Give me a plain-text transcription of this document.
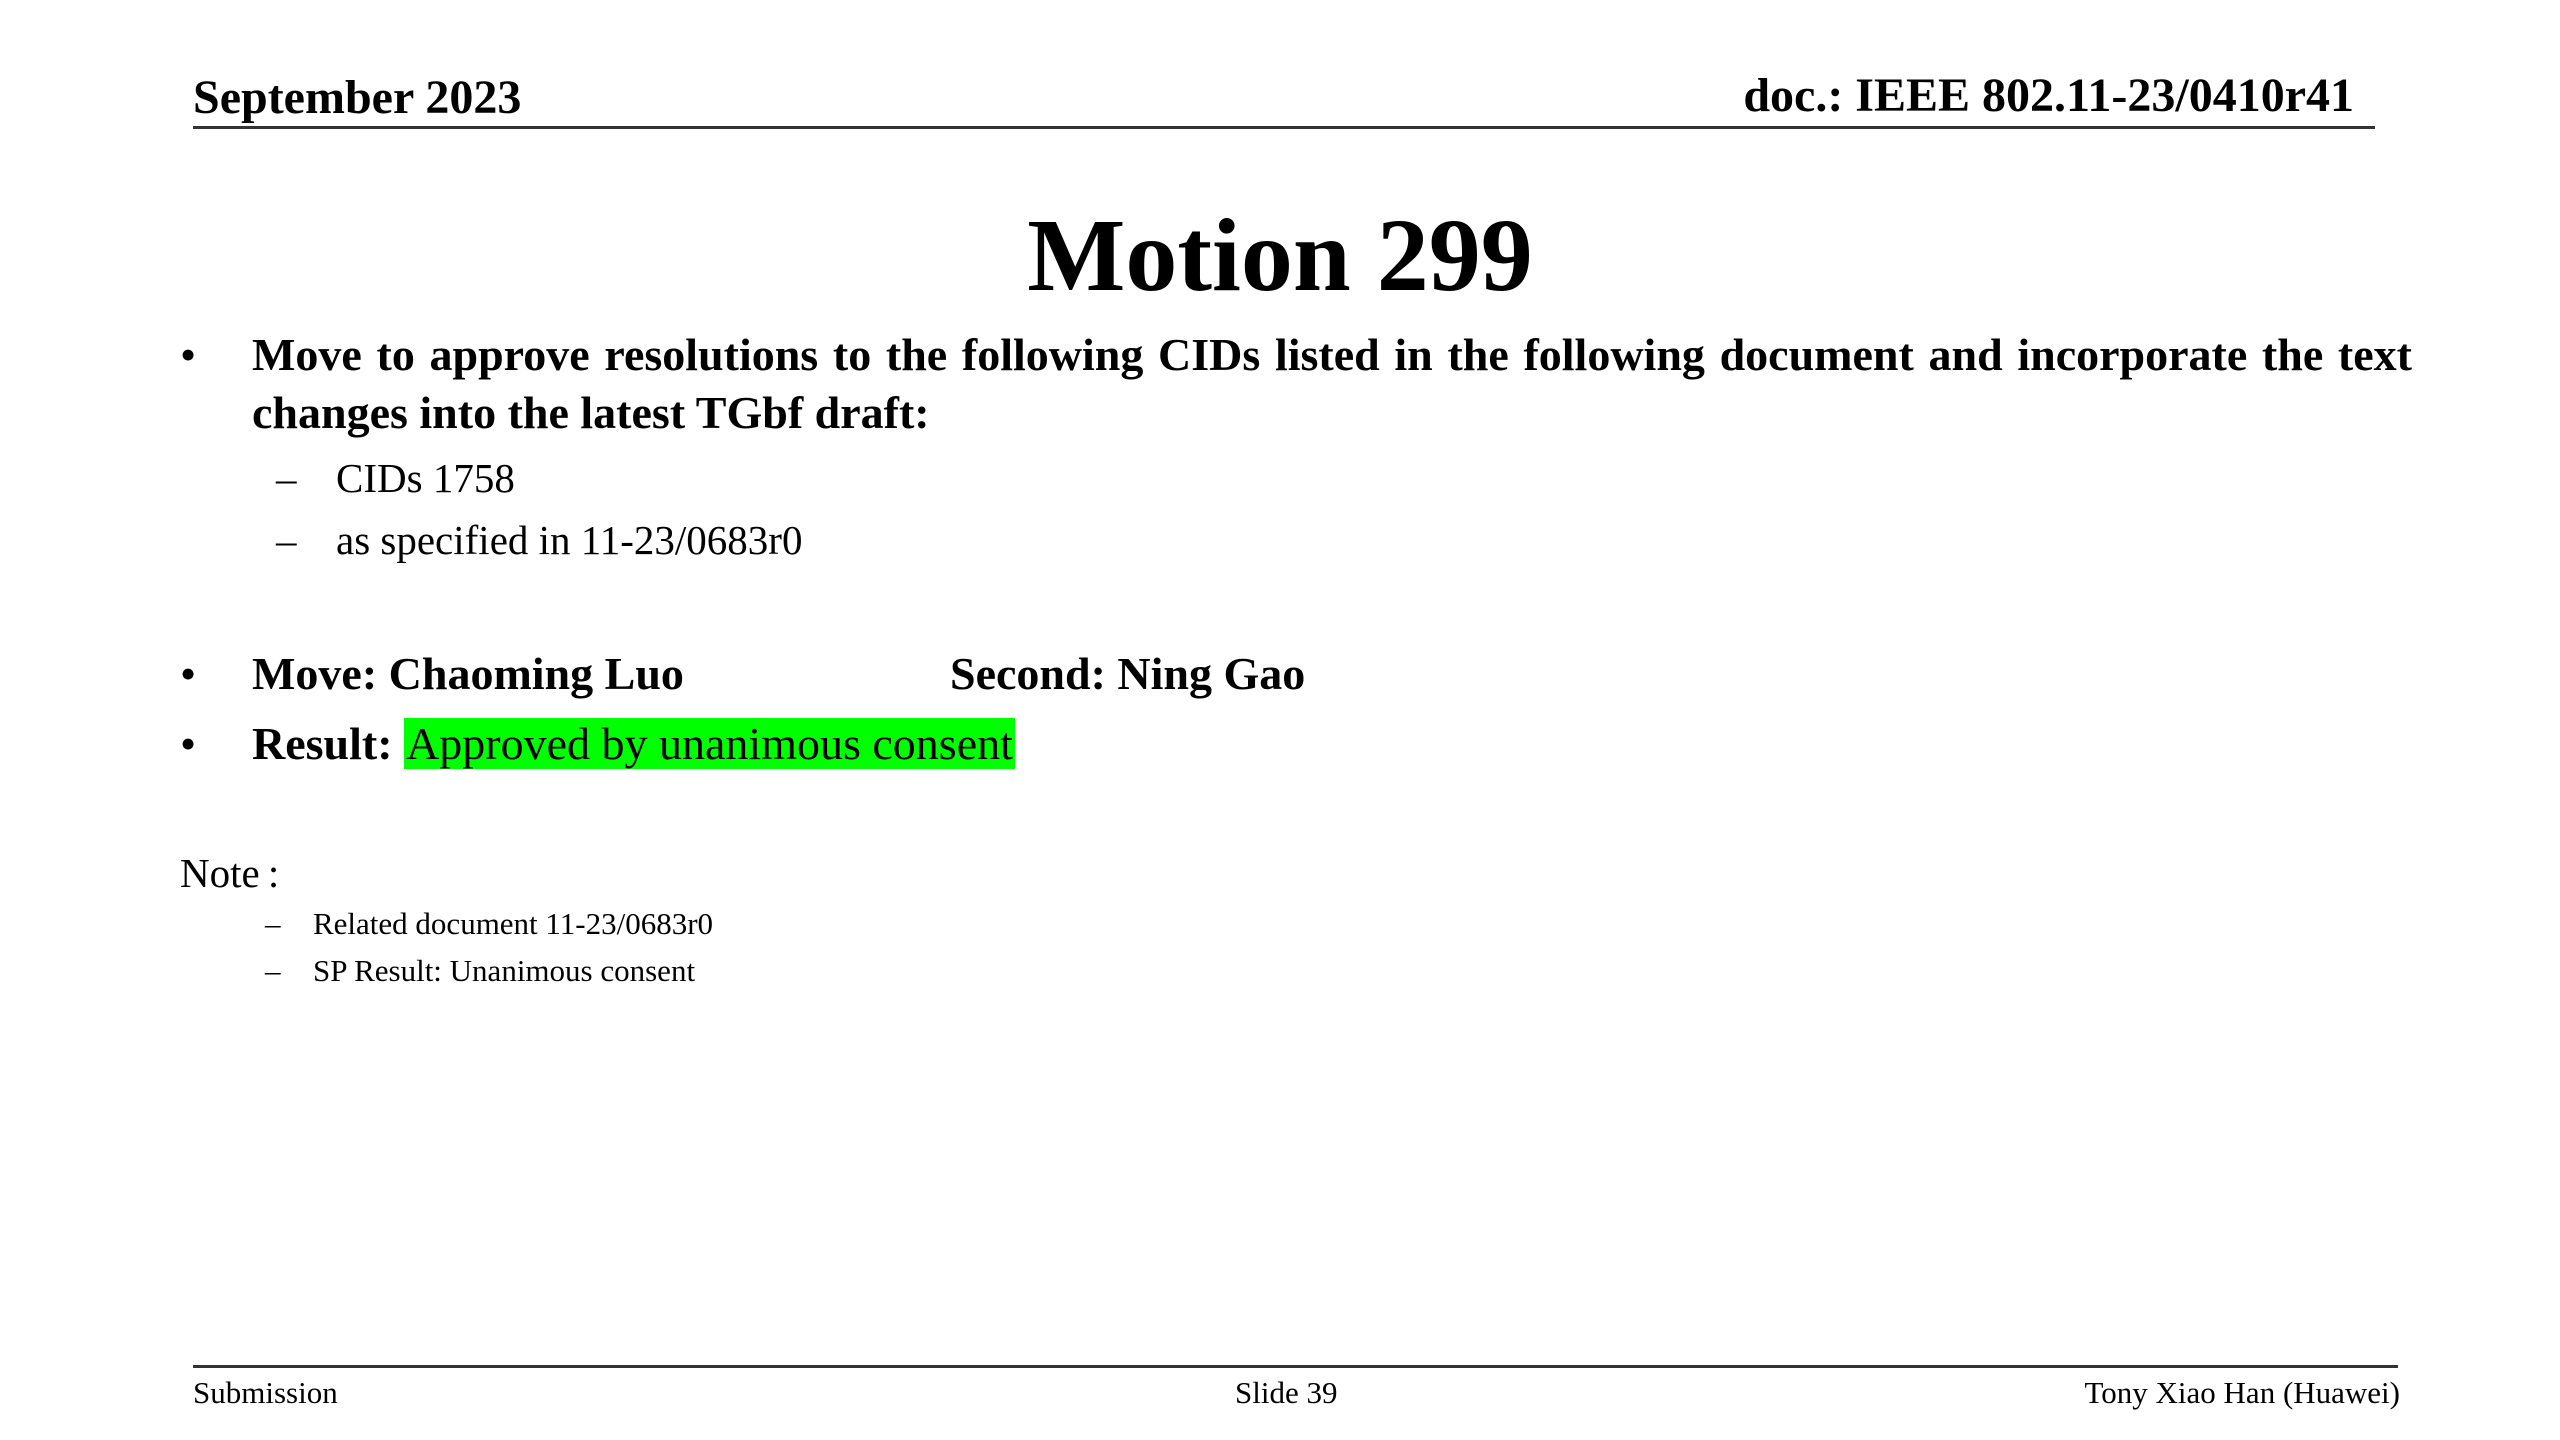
September 2023	doc.: IEEE 802.11-23/0410r41
Motion 299
•	Move to approve resolutions to the following CIDs listed in the following document and incorporate the text changes into the latest TGbf draft:
– CIDs 1758
– as specified in 11-23/0683r0
•	Move: Chaoming Luo	Second: Ning Gao
•	Result: Approved by unanimous consent
Note :
– Related document 11-23/0683r0
– SP Result: Unanimous consent
Submission	Slide 39	Tony Xiao Han (Huawei)
